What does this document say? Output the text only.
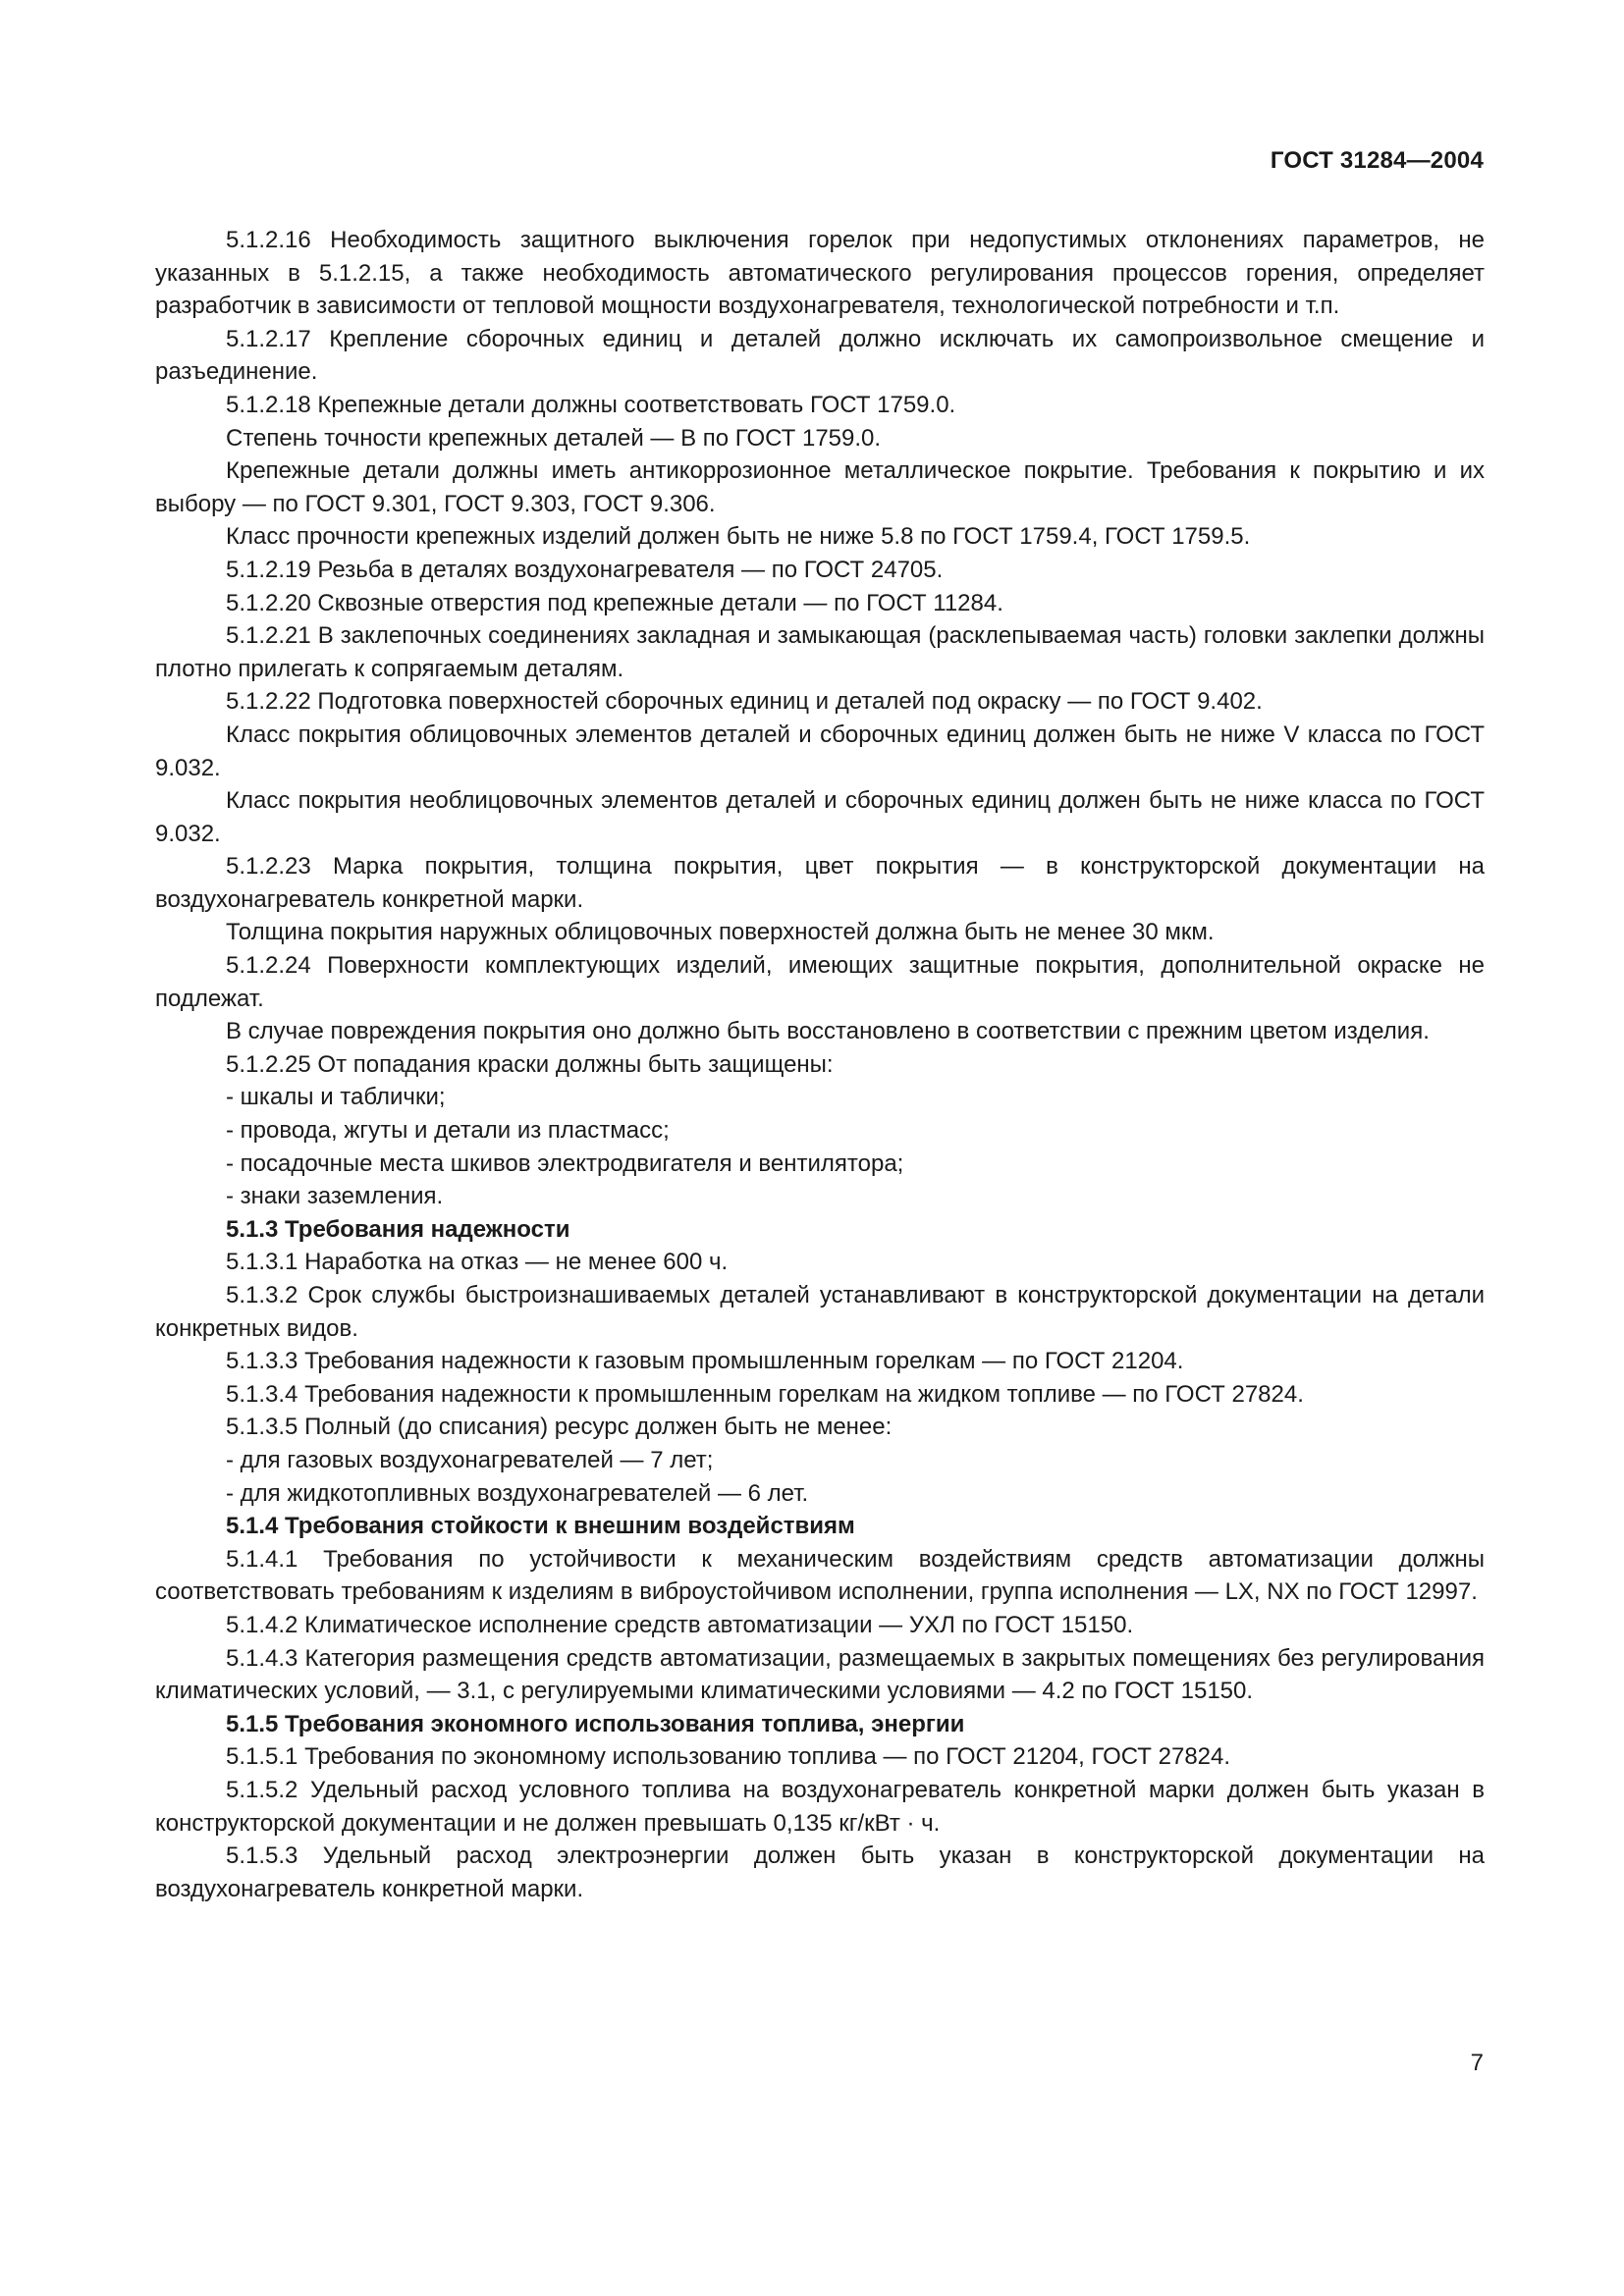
ГОСТ 31284—2004

5.1.2.16 Необходимость защитного выключения горелок при недопустимых отклонениях параметров, не указанных в 5.1.2.15, а также необходимость автоматического регулирования процессов горения, определяет разработчик в зависимости от тепловой мощности воздухонагревателя, технологической потребности и т.п.

5.1.2.17 Крепление сборочных единиц и деталей должно исключать их самопроизвольное смещение и разъединение.

5.1.2.18 Крепежные детали должны соответствовать ГОСТ 1759.0.

Степень точности крепежных деталей — В по ГОСТ 1759.0.

Крепежные детали должны иметь антикоррозионное металлическое покрытие. Требования к покрытию и их выбору — по ГОСТ 9.301, ГОСТ 9.303, ГОСТ 9.306.

Класс прочности крепежных изделий должен быть не ниже 5.8 по ГОСТ 1759.4, ГОСТ 1759.5.

5.1.2.19 Резьба в деталях воздухонагревателя — по ГОСТ 24705.

5.1.2.20 Сквозные отверстия под крепежные детали — по ГОСТ 11284.

5.1.2.21 В заклепочных соединениях закладная и замыкающая (расклепываемая часть) головки заклепки должны плотно прилегать к сопрягаемым деталям.

5.1.2.22 Подготовка поверхностей сборочных единиц и деталей под окраску — по ГОСТ 9.402.

Класс покрытия облицовочных элементов деталей и сборочных единиц должен быть не ниже V класса по ГОСТ 9.032.

Класс покрытия необлицовочных элементов деталей и сборочных единиц должен быть не ниже класса по ГОСТ 9.032.

5.1.2.23 Марка покрытия, толщина покрытия, цвет покрытия — в конструкторской документации на воздухонагреватель конкретной марки.

Толщина покрытия наружных облицовочных поверхностей должна быть не менее 30 мкм.

5.1.2.24 Поверхности комплектующих изделий, имеющих защитные покрытия, дополнительной окраске не подлежат.

В случае повреждения покрытия оно должно быть восстановлено в соответствии с прежним цветом изделия.

5.1.2.25 От попадания краски должны быть защищены:

- шкалы и таблички;

- провода, жгуты и детали из пластмасс;

- посадочные места шкивов электродвигателя и вентилятора;

- знаки заземления.

5.1.3 Требования надежности

5.1.3.1 Наработка на отказ — не менее 600 ч.

5.1.3.2 Срок службы быстроизнашиваемых деталей устанавливают в конструкторской документации на детали конкретных видов.

5.1.3.3 Требования надежности к газовым промышленным горелкам — по ГОСТ 21204.

5.1.3.4 Требования надежности к промышленным горелкам на жидком топливе — по ГОСТ 27824.

5.1.3.5 Полный (до списания) ресурс должен быть не менее:

- для газовых воздухонагревателей — 7 лет;

- для жидкотопливных воздухонагревателей — 6 лет.

5.1.4 Требования стойкости к внешним воздействиям

5.1.4.1 Требования по устойчивости к механическим воздействиям средств автоматизации должны соответствовать требованиям к изделиям в виброустойчивом исполнении, группа исполнения — LX, NX по ГОСТ 12997.

5.1.4.2 Климатическое исполнение средств автоматизации — УХЛ по ГОСТ 15150.

5.1.4.3 Категория размещения средств автоматизации, размещаемых в закрытых помещениях без регулирования климатических условий, — 3.1, с регулируемыми климатическими условиями — 4.2 по ГОСТ 15150.

5.1.5 Требования экономного использования топлива, энергии

5.1.5.1 Требования по экономному использованию топлива — по ГОСТ 21204, ГОСТ 27824.

5.1.5.2 Удельный расход условного топлива на воздухонагреватель конкретной марки должен быть указан в конструкторской документации и не должен превышать 0,135 кг/кВт · ч.

5.1.5.3 Удельный расход электроэнергии должен быть указан в конструкторской документации на воздухонагреватель конкретной марки.

7
